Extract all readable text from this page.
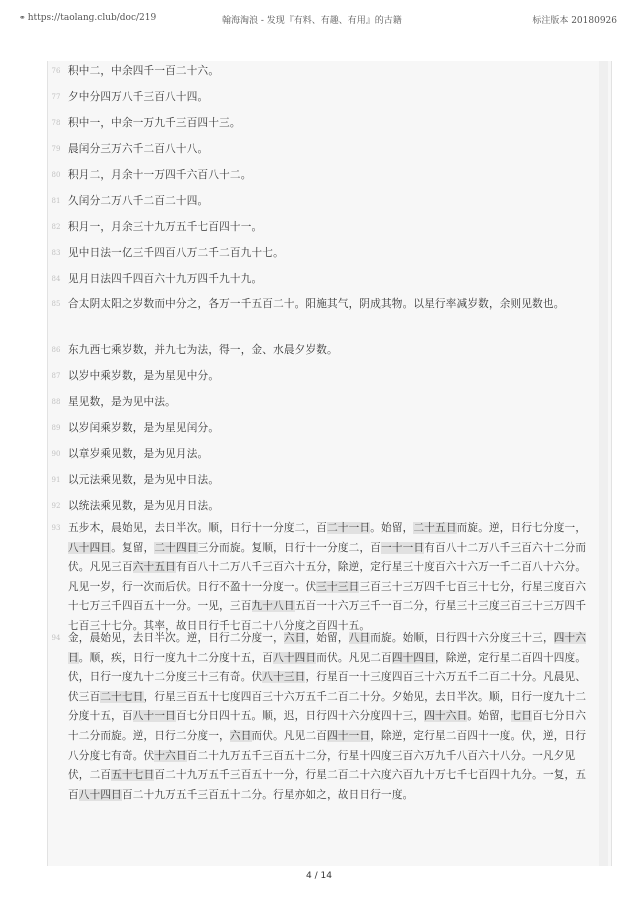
⚭ https://taolang.club/doc/219	翰海淘浪 - 发现『有料、有趣、有用』的古籍	标注版本 20180926
76 积中二，中余四千一百二十六。
77 夕中分四万八千三百八十四。
78 积中一，中余一万九千三百四十三。
79 晨闰分三万六千二百八十八。
80 积月二，月余十一万四千六百八十二。
81 久闰分二万八千二百二十四。
82 积月一，月余三十九万五千七百四十一。
83 见中日法一亿三千四百八万二千二百九十七。
84 见月日法四千四百六十九万四千九十九。
85 合太阴太阳之岁数而中分之，各万一千五百二十。阳施其气，阴成其物。以星行率减岁数，余则见数也。
86 东九西七乘岁数，并九七为法，得一，金、水晨夕岁数。
87 以岁中乘岁数，是为星见中分。
88 星见数，是为见中法。
89 以岁闰乘岁数，是为星见闰分。
90 以章岁乘见数，是为见月法。
91 以元法乘见数，是为见中日法。
92 以统法乘见数，是为见月日法。
93 五步木，晨始见，去日半次。顺，日行十一分度二，百二十一日。始留，二十五日而旋。逆，日行七分度一，八十四日。复留，二十四日三分而旋。复顺，日行十一分度二，百一十一日有百八十二万八千三百六十二分而伏。凡见三百六十五日有百八十二万八千三百六十五分，除逆，定行星三十度百六十六万一千二百八十六分。凡见一岁，行一次而后伏。日行不盈十一分度一。伏三十三日三百三十三万四千七百三十七分，行星三度百六十七万三千四百五十一分。一见，三百九十八日五百一十六万三千一百二分，行星三十三度三百三十三万四千七百三十七分。其率，故日日行千七百二十八分度之百四十五。
94 金，晨始见，去日半次。逆，日行二分度一，六日，始留，八日而旋。始顺，日行四十六分度三十三，四十六日。顺，疾，日行一度九十二分度十五，百八十四日而伏。凡见二百四十四日，除逆，定行星二百四十四度。伏，日行一度九十二分度三十三有奇。伏八十三日，行星百一十三度四百三十六万五千二百二十分。凡晨见、伏三百二十七日，行星三百五十七度四百三十六万五千二百二十分。夕始见，去日半次。顺，日行一度九十二分度十五，百八十一日百七分日四十五。顺，迟，日行四十六分度四十三，四十六日。始留，七日百七分日六十二分而旋。逆，日行二分度一，六日而伏。凡见二百四十一日，除逆，定行星二百四十一度。伏，逆，日行八分度七有奇。伏十六日百二十九万五千三百五十二分，行星十四度三百六万九千八百六十八分。一凡夕见伏，二百五十七日百二十九万五千三百五十一分，行星二百二十六度六百九十万七千七百四十九分。一复，五百八十四日百二十九万五千三百五十二分。行星亦如之，故日日行一度。
4 / 14
